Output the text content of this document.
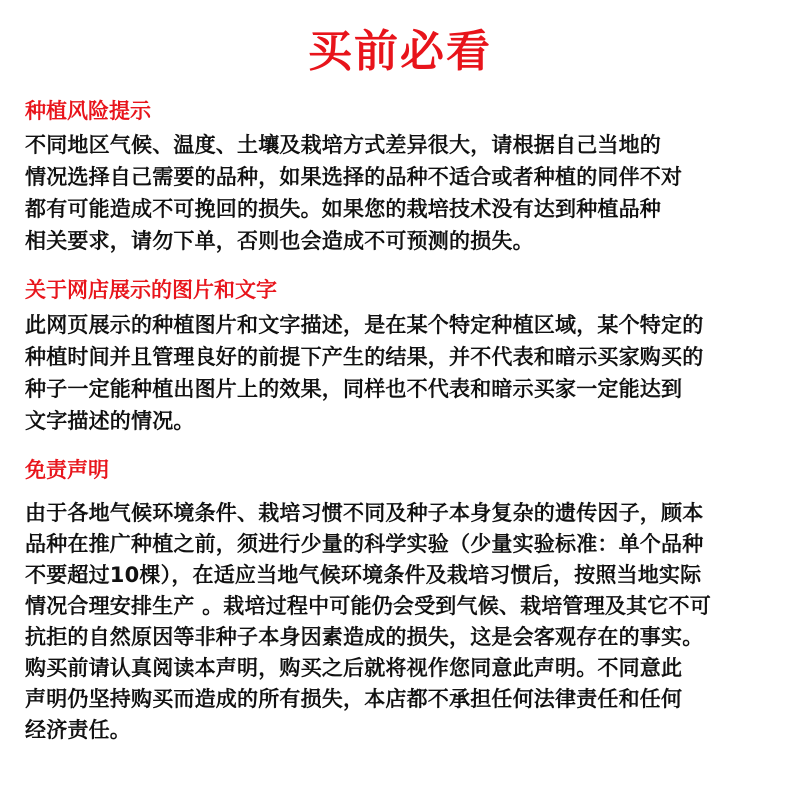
买前必看
种植风险提示
不同地区气候、温度、土壤及栽培方式差异很大，请根据自己当地的
情况选择自己需要的品种，如果选择的品种不适合或者种植的同伴不对
都有可能造成不可挽回的损失。如果您的栽培技术没有达到种植品种
相关要求，请勿下单，否则也会造成不可预测的损失。
关于网店展示的图片和文字
此网页展示的种植图片和文字描述，是在某个特定种植区域，某个特定的
种植时间并且管理良好的前提下产生的结果，并不代表和暗示买家购买的
种子一定能种植出图片上的效果，同样也不代表和暗示买家一定能达到
文字描述的情况。
免责声明
由于各地气候环境条件、栽培习惯不同及种子本身复杂的遗传因子，顾本
品种在推广种植之前，须进行少量的科学实验（少量实验标准：单个品种
不要超过10棵），在适应当地气候环境条件及栽培习惯后，按照当地实际
情况合理安排生产 。栽培过程中可能仍会受到气候、栽培管理及其它不可
抗拒的自然原因等非种子本身因素造成的损失，这是会客观存在的事实。
购买前请认真阅读本声明，购买之后就将视作您同意此声明。不同意此
声明仍坚持购买而造成的所有损失，本店都不承担任何法律责任和任何
经济责任。
